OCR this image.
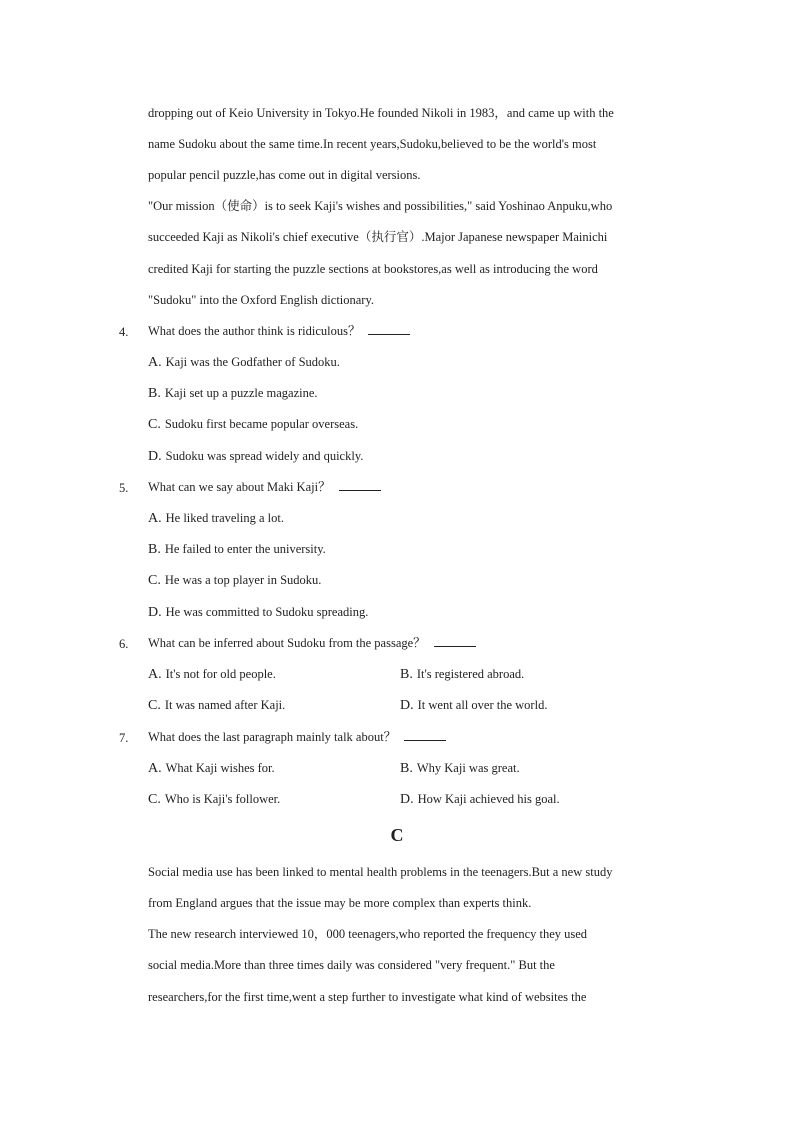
dropping out of Keio University in Tokyo.He founded Nikoli in 1983，and came up with the
name Sudoku about the same time.In recent years,Sudoku,believed to be the world's most
popular pencil puzzle,has come out in digital versions.
"Our mission（使命）is to seek Kaji's wishes and possibilities," said Yoshinao Anpuku,who
succeeded Kaji as Nikoli's chief executive（执行官）.Major Japanese newspaper Mainichi
credited Kaji for starting the puzzle sections at bookstores,as well as introducing the word
"Sudoku" into the Oxford English dictionary.
4. What does the author think is ridiculous？
A. Kaji was the Godfather of Sudoku.
B. Kaji set up a puzzle magazine.
C. Sudoku first became popular overseas.
D. Sudoku was spread widely and quickly.
5. What can we say about Maki Kaji？
A. He liked traveling a lot.
B. He failed to enter the university.
C. He was a top player in Sudoku.
D. He was committed to Sudoku spreading.
6. What can be inferred about Sudoku from the passage？
A. It's not for old people.	B. It's registered abroad.
C. It was named after Kaji.	D. It went all over the world.
7. What does the last paragraph mainly talk about？
A. What Kaji wishes for.	B. Why Kaji was great.
C. Who is Kaji's follower.	D. How Kaji achieved his goal.
C
Social media use has been linked to mental health problems in the teenagers.But a new study
from England argues that the issue may be more complex than experts think.
The new research interviewed 10，000 teenagers,who reported the frequency they used
social media.More than three times daily was considered "very frequent." But the
researchers,for the first time,went a step further to investigate what kind of websites the
